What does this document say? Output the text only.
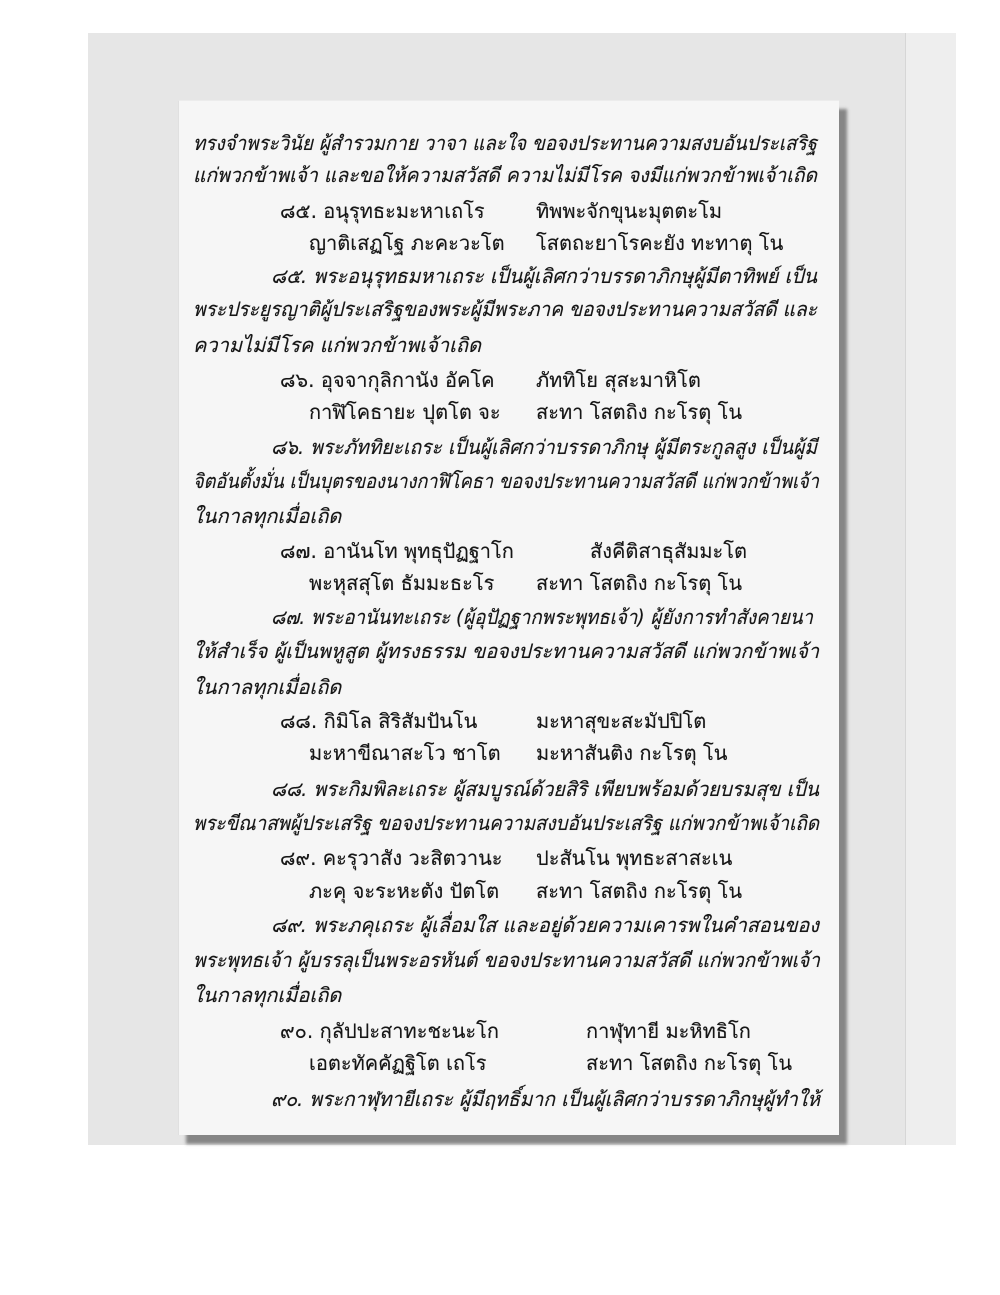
ทรงจำพระวินัย ผู้สำรวมกาย วาจา และใจ ขอจงประทานความสงบอันประเสริฐ
แก่พวกข้าพเจ้า และขอให้ความสวัสดี ความไม่มีโรค จงมีแก่พวกข้าพเจ้าเถิด
๘๕. อนุรุทธะมะหาเถโร	ทิพพะจักขุนะมุตตะโม
ญาติเสฏโฐ ภะคะวะโต	โสตถะยาโรคะยัง ทะทาตุ โน
๘๕. พระอนุรุทธมหาเถระ เป็นผู้เลิศกว่าบรรดาภิกษุผู้มีตาทิพย์ เป็น
พระประยูรญาติผู้ประเสริฐของพระผู้มีพระภาค ขอจงประทานความสวัสดี และ
ความไม่มีโรค แก่พวกข้าพเจ้าเถิด
๘๖. อุจจากุลิกานัง อัคโค	ภัททิโย สุสะมาหิโต
กาฬิโคธายะ ปุตโต จะ	สะทา โสตถิง กะโรตุ โน
๘๖. พระภัททิยะเถระ เป็นผู้เลิศกว่าบรรดาภิกษุ ผู้มีตระกูลสูง เป็นผู้มี
จิตอันตั้งมั่น เป็นบุตรของนางกาฬิโคธา ขอจงประทานความสวัสดี แก่พวกข้าพเจ้า
ในกาลทุกเมื่อเถิด
๘๗. อานันโท พุทธุปัฏฐาโก	สังคีติสาธุสัมมะโต
พะหุสสุโต ธัมมะธะโร	สะทา โสตถิง กะโรตุ โน
๘๗. พระอานันทะเถระ (ผู้อุปัฏฐากพระพุทธเจ้า) ผู้ยังการทำสังคายนา
ให้สำเร็จ ผู้เป็นพหูสูต ผู้ทรงธรรม ขอจงประทานความสวัสดี แก่พวกข้าพเจ้า
ในกาลทุกเมื่อเถิด
๘๘. กิมิโล สิริสัมปันโน	มะหาสุขะสะมัปปิโต
มะหาขีณาสะโว ชาโต	มะหาสันติง กะโรตุ โน
๘๘. พระกิมพิละเถระ ผู้สมบูรณ์ด้วยสิริ เพียบพร้อมด้วยบรมสุข เป็น
พระขีณาสพผู้ประเสริฐ ขอจงประทานความสงบอันประเสริฐ แก่พวกข้าพเจ้าเถิด
๘๙. คะรุวาสัง วะสิตวานะ	ปะสันโน พุทธะสาสะเน
ภะคุ จะระหะตัง ปัตโต	สะทา โสตถิง กะโรตุ โน
๘๙. พระภคุเถระ ผู้เลื่อมใส และอยู่ด้วยความเคารพในคำสอนของ
พระพุทธเจ้า ผู้บรรลุเป็นพระอรหันต์ ขอจงประทานความสวัสดี แก่พวกข้าพเจ้า
ในกาลทุกเมื่อเถิด
๙๐. กุลัปปะสาทะชะนะโก	กาฬุทายี มะหิทธิโก
เอตะทัคคัฏฐิโต เถโร	สะทา โสตถิง กะโรตุ โน
๙๐. พระกาฬุทายีเถระ ผู้มีฤทธิ์มาก เป็นผู้เลิศกว่าบรรดาภิกษุผู้ทำให้
